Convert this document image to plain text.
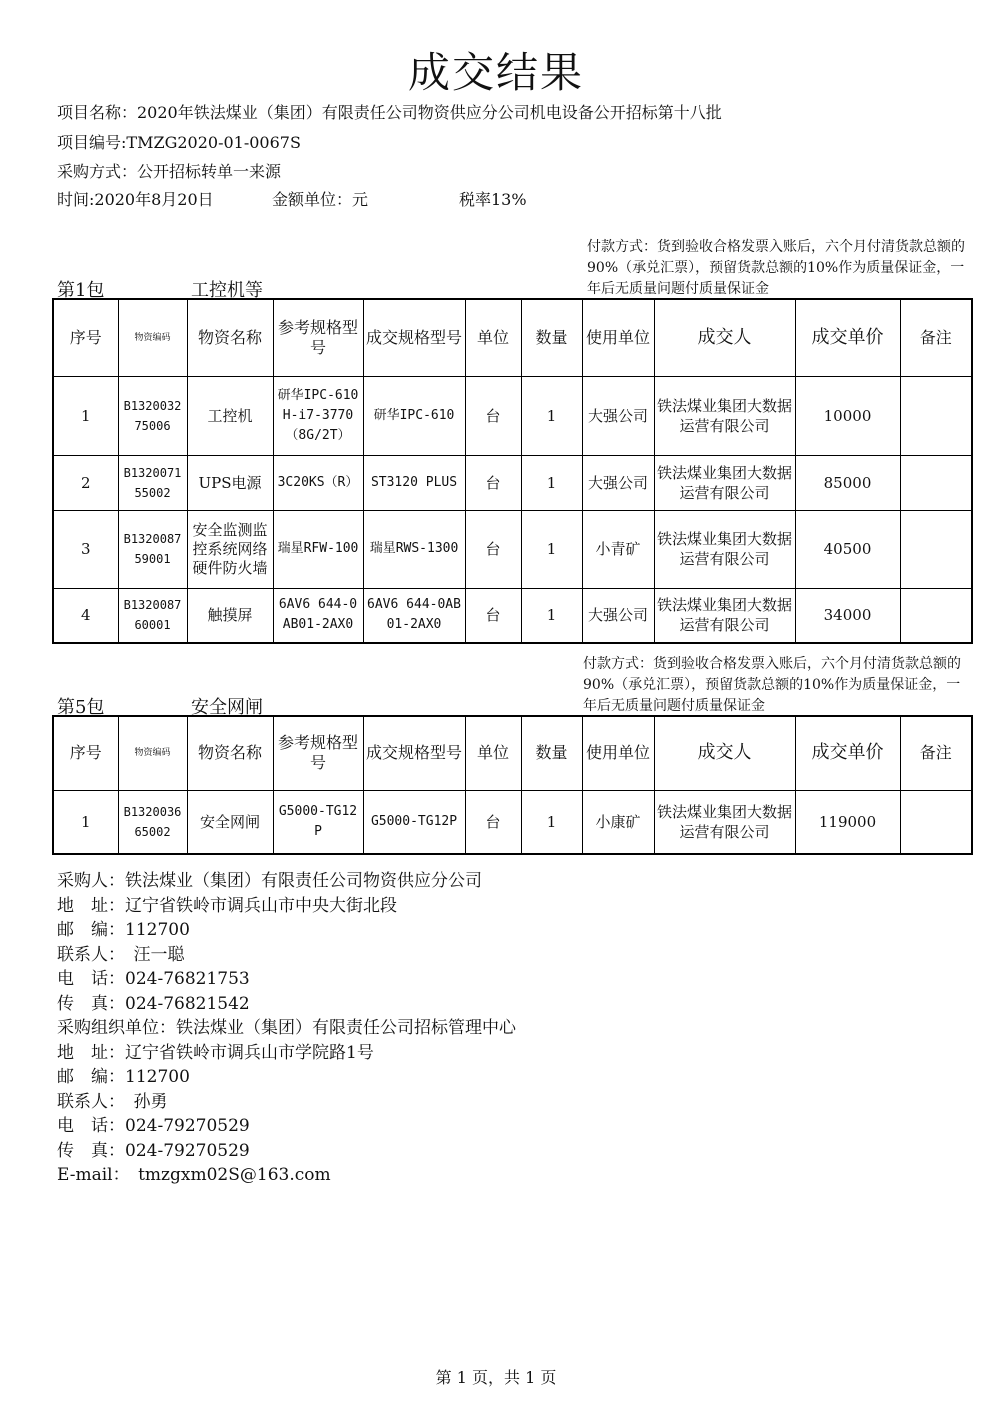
成交结果
项目名称：2020年铁法煤业（集团）有限责任公司物资供应分公司机电设备公开招标第十八批
项目编号:TMZG2020-01-0067S
采购方式：公开招标转单一来源
时间:2020年8月20日	金额单位：元	税率13%
付款方式：货到验收合格发票入账后，六个月付清货款总额的90%（承兑汇票），预留货款总额的10%作为质量保证金，一年后无质量问题付质量保证金
第1包	工控机等
序号	物资编码	物资名称	参考规格型号	成交规格型号	单位	数量	使用单位	成交人	成交单价	备注
1	B132003275006	工控机	研华IPC-610H-i7-3770（8G/2T）	研华IPC-610	台	1	大强公司	铁法煤业集团大数据运营有限公司	10000	
2	B132007155002	UPS电源	3C20KS（R）	ST3120 PLUS	台	1	大强公司	铁法煤业集团大数据运营有限公司	85000	
3	B132008759001	安全监测监控系统网络硬件防火墙	瑞星RFW-100	瑞星RWS-1300	台	1	小青矿	铁法煤业集团大数据运营有限公司	40500	
4	B132008760001	触摸屏	6AV6 644-0AB01-2AX0	6AV6 644-0AB01-2AX0	台	1	大强公司	铁法煤业集团大数据运营有限公司	34000	
付款方式：货到验收合格发票入账后，六个月付清货款总额的90%（承兑汇票），预留货款总额的10%作为质量保证金，一年后无质量问题付质量保证金
第5包	安全网闸
序号	物资编码	物资名称	参考规格型号	成交规格型号	单位	数量	使用单位	成交人	成交单价	备注
1	B132003665002	安全网闸	G5000-TG12P	G5000-TG12P	台	1	小康矿	铁法煤业集团大数据运营有限公司	119000	
采购人：铁法煤业（集团）有限责任公司物资供应分公司
地　址：辽宁省铁岭市调兵山市中央大街北段
邮　编：112700
联系人：　汪一聪
电　话：024-76821753
传　真：024-76821542
采购组织单位：铁法煤业（集团）有限责任公司招标管理中心
地　址：辽宁省铁岭市调兵山市学院路1号
邮　编：112700
联系人：　孙勇
电　话：024-79270529
传　真：024-79270529
E-mail：　tmzgxm02S@163.com
第 1 页，共 1 页
